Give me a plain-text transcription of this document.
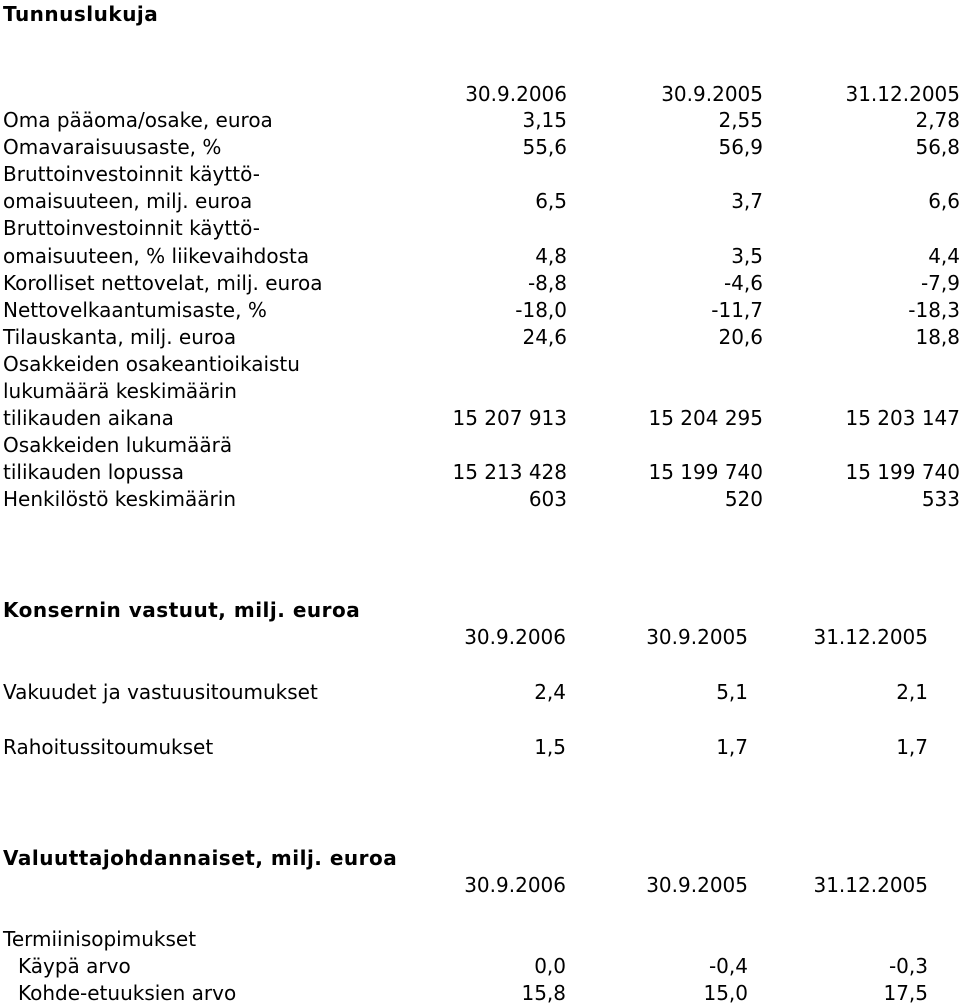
Tunnuslukuja
30.9.2006	30.9.2005	31.12.2005
Oma pääoma/osake, euroa	3,15	2,55	2,78
Omavaraisuusaste, %	55,6	56,9	56,8
Bruttoinvestoinnit käyttö-
omaisuuteen, milj. euroa	6,5	3,7	6,6
Bruttoinvestoinnit käyttö-
omaisuuteen, % liikevaihdosta	4,8	3,5	4,4
Korolliset nettovelat, milj. euroa	-8,8	-4,6	-7,9
Nettovelkaantumisaste, %	-18,0	-11,7	-18,3
Tilauskanta, milj. euroa	24,6	20,6	18,8
Osakkeiden osakeantioikaistu
lukumäärä keskimäärin
tilikauden aikana	15 207 913	15 204 295	15 203 147
Osakkeiden lukumäärä
tilikauden lopussa	15 213 428	15 199 740	15 199 740
Henkilöstö keskimäärin	603	520	533
Konsernin vastuut, milj. euroa
30.9.2006	30.9.2005	31.12.2005
Vakuudet ja vastuusitoumukset	2,4	5,1	2,1
Rahoitussitoumukset	1,5	1,7	1,7
Valuuttajohdannaiset, milj. euroa
30.9.2006	30.9.2005	31.12.2005
Termiinisopimukset
Käypä arvo	0,0	-0,4	-0,3
Kohde-etuuksien arvo	15,8	15,0	17,5
